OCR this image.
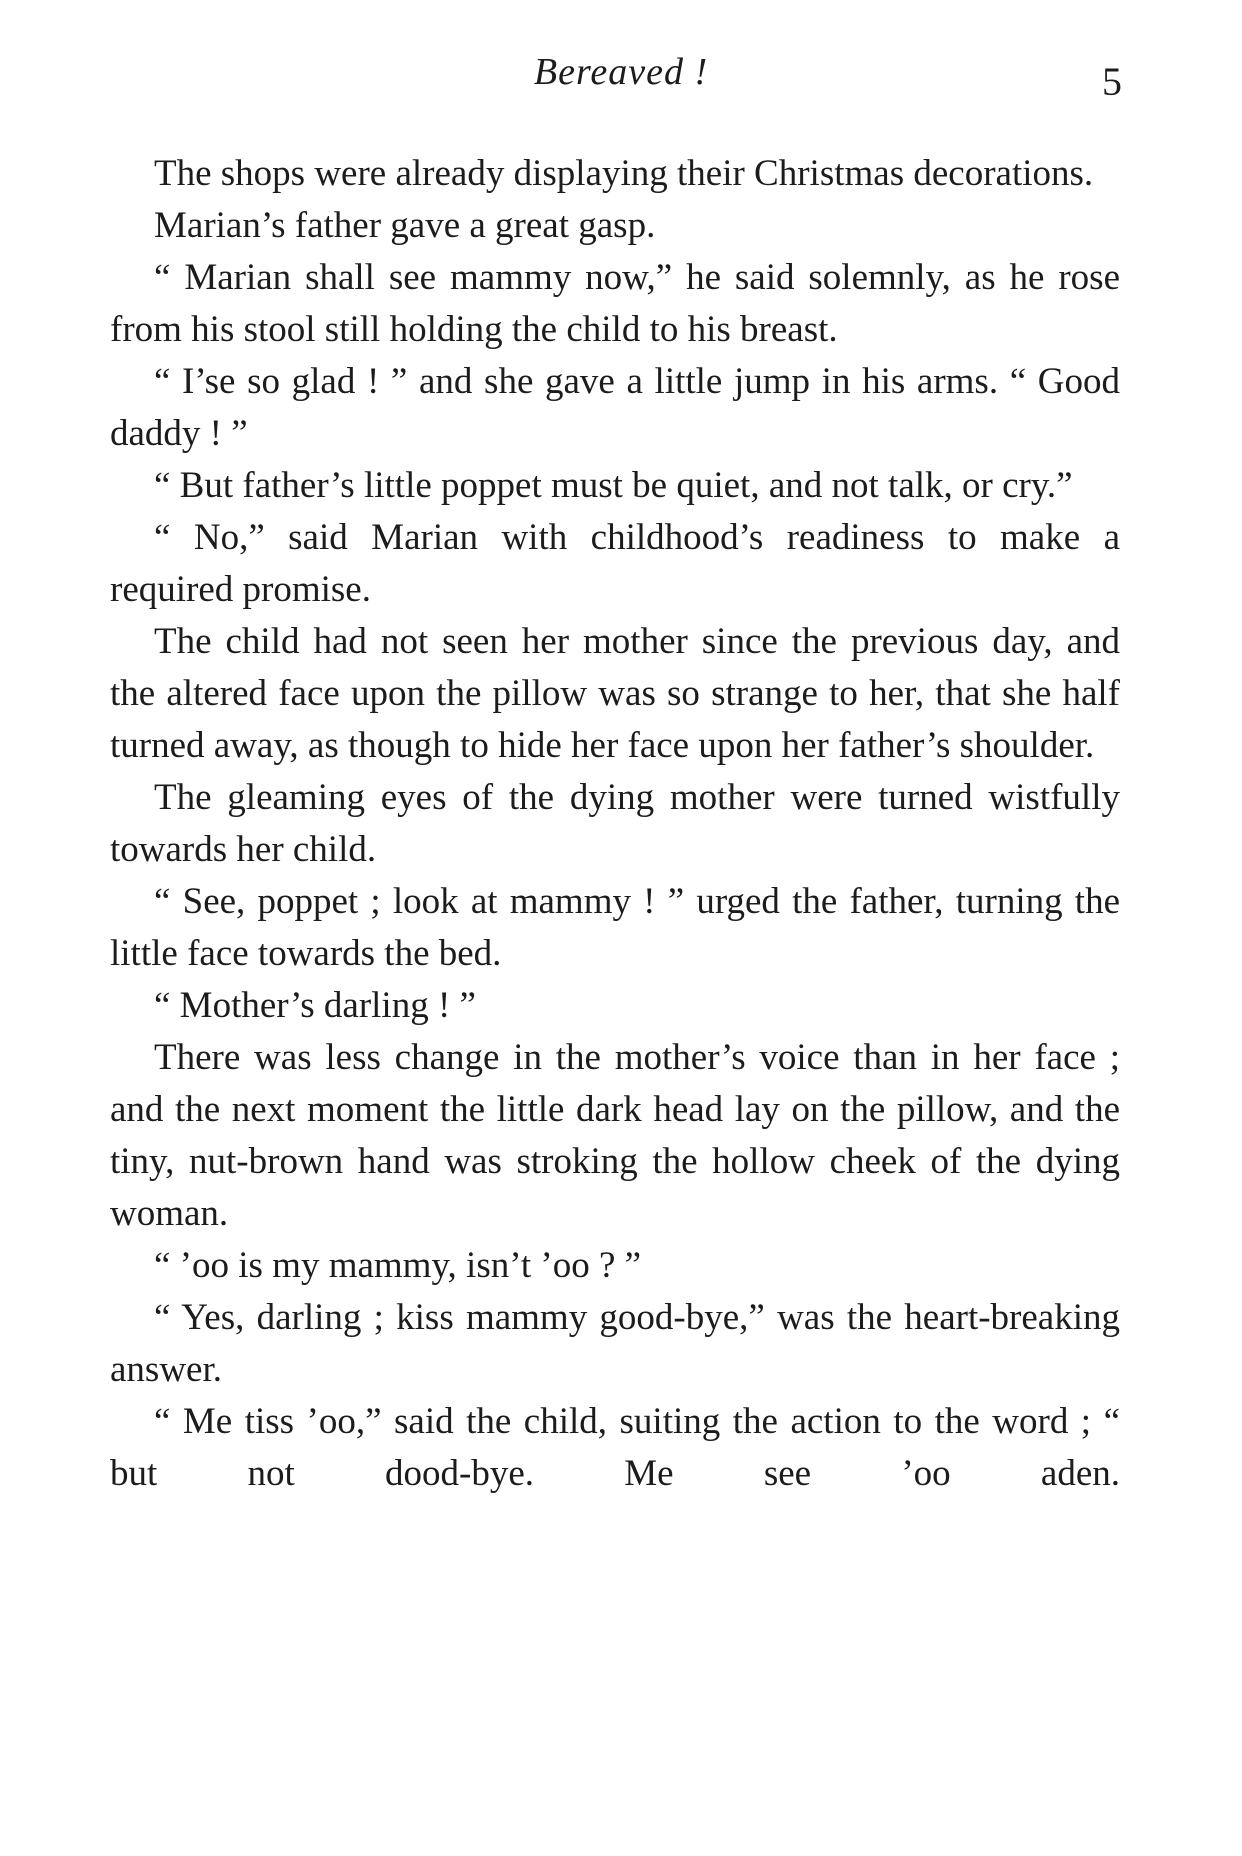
Bereaved !	5

The shops were already displaying their Christmas decorations.

Marian’s father gave a great gasp.

“ Marian shall see mammy now,” he said solemnly, as he rose from his stool still holding the child to his breast.

“ I’se so glad ! ” and she gave a little jump in his arms. “ Good daddy ! ”

“ But father’s little poppet must be quiet, and not talk, or cry.”

“ No,” said Marian with childhood’s readiness to make a required promise.

The child had not seen her mother since the previous day, and the altered face upon the pillow was so strange to her, that she half turned away, as though to hide her face upon her father’s shoulder.

The gleaming eyes of the dying mother were turned wistfully towards her child.

“ See, poppet ; look at mammy ! ” urged the father, turning the little face towards the bed.

“ Mother’s darling ! ”

There was less change in the mother’s voice than in her face ; and the next moment the little dark head lay on the pillow, and the tiny, nut-brown hand was stroking the hollow cheek of the dying woman.

“ ’oo is my mammy, isn’t ’oo ? ”

“ Yes, darling ; kiss mammy good-bye,” was the heart-breaking answer.

“ Me tiss ’oo,” said the child, suiting the action to the word ; “ but not dood-bye. Me see ’oo aden.
